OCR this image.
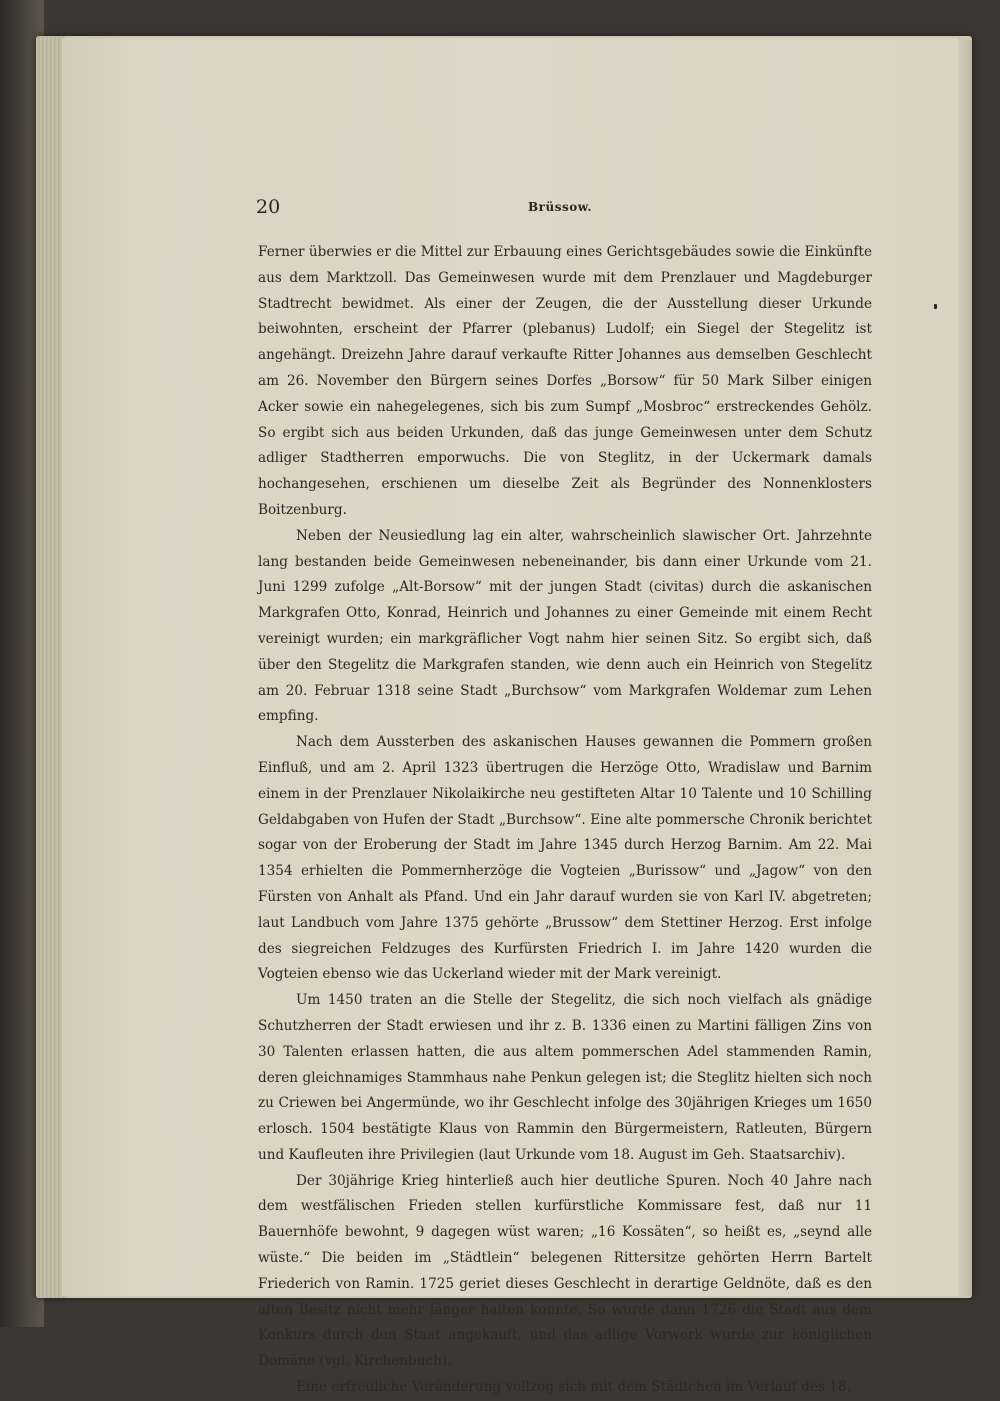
20	Brüssow.

Ferner überwies er die Mittel zur Erbauung eines Gerichtsgebäudes sowie die Einkünfte aus dem Marktzoll. Das Gemeinwesen wurde mit dem Prenzlauer und Magdeburger Stadtrecht bewidmet. Als einer der Zeugen, die der Ausstellung dieser Urkunde beiwohnten, erscheint der Pfarrer (plebanus) Ludolf; ein Siegel der Stegelitz ist angehängt. Dreizehn Jahre darauf verkaufte Ritter Johannes aus demselben Geschlecht am 26. November den Bürgern seines Dorfes „Borsow“ für 50 Mark Silber einigen Acker sowie ein nahegelegenes, sich bis zum Sumpf „Mosbroc“ erstreckendes Gehölz. So ergibt sich aus beiden Urkunden, daß das junge Gemeinwesen unter dem Schutz adliger Stadtherren emporwuchs. Die von Steglitz, in der Uckermark damals hochangesehen, erschienen um dieselbe Zeit als Begründer des Nonnenklosters Boitzenburg.

Neben der Neusiedlung lag ein alter, wahrscheinlich slawischer Ort. Jahrzehnte lang bestanden beide Gemeinwesen nebeneinander, bis dann einer Urkunde vom 21. Juni 1299 zufolge „Alt-Borsow“ mit der jungen Stadt (civitas) durch die askanischen Markgrafen Otto, Konrad, Heinrich und Johannes zu einer Gemeinde mit einem Recht vereinigt wurden; ein markgräflicher Vogt nahm hier seinen Sitz. So ergibt sich, daß über den Stegelitz die Markgrafen standen, wie denn auch ein Heinrich von Stegelitz am 20. Februar 1318 seine Stadt „Burchsow“ vom Markgrafen Woldemar zum Lehen empfing.

Nach dem Aussterben des askanischen Hauses gewannen die Pommern großen Einfluß, und am 2. April 1323 übertrugen die Herzöge Otto, Wradislaw und Barnim einem in der Prenzlauer Nikolaikirche neu gestifteten Altar 10 Talente und 10 Schilling Geldabgaben von Hufen der Stadt „Burchsow“. Eine alte pommersche Chronik berichtet sogar von der Eroberung der Stadt im Jahre 1345 durch Herzog Barnim. Am 22. Mai 1354 erhielten die Pommernherzöge die Vogteien „Burissow“ und „Jagow“ von den Fürsten von Anhalt als Pfand. Und ein Jahr darauf wurden sie von Karl IV. abgetreten; laut Landbuch vom Jahre 1375 gehörte „Brussow“ dem Stettiner Herzog. Erst infolge des siegreichen Feldzuges des Kurfürsten Friedrich I. im Jahre 1420 wurden die Vogteien ebenso wie das Uckerland wieder mit der Mark vereinigt.

Um 1450 traten an die Stelle der Stegelitz, die sich noch vielfach als gnädige Schutzherren der Stadt erwiesen und ihr z. B. 1336 einen zu Martini fälligen Zins von 30 Talenten erlassen hatten, die aus altem pommerschen Adel stammenden Ramin, deren gleichnamiges Stammhaus nahe Penkun gelegen ist; die Steglitz hielten sich noch zu Criewen bei Angermünde, wo ihr Geschlecht infolge des 30jährigen Krieges um 1650 erlosch. 1504 bestätigte Klaus von Rammin den Bürgermeistern, Ratleuten, Bürgern und Kaufleuten ihre Privilegien (laut Urkunde vom 18. August im Geh. Staatsarchiv).

Der 30jährige Krieg hinterließ auch hier deutliche Spuren. Noch 40 Jahre nach dem westfälischen Frieden stellen kurfürstliche Kommissare fest, daß nur 11 Bauernhöfe bewohnt, 9 dagegen wüst waren; „16 Kossäten“, so heißt es, „seynd alle wüste.“ Die beiden im „Städtlein“ belegenen Rittersitze gehörten Herrn Bartelt Friederich von Ramin. 1725 geriet dieses Geschlecht in derartige Geldnöte, daß es den alten Besitz nicht mehr länger halten konnte. So wurde dann 1726 die Stadt aus dem Konkurs durch den Staat angekauft, und das adlige Vorwerk wurde zur königlichen Domäne (vgl. Kirchenbuch).

Eine erfreuliche Veränderung vollzog sich mit dem Städtchen im Verlauf des 18.
